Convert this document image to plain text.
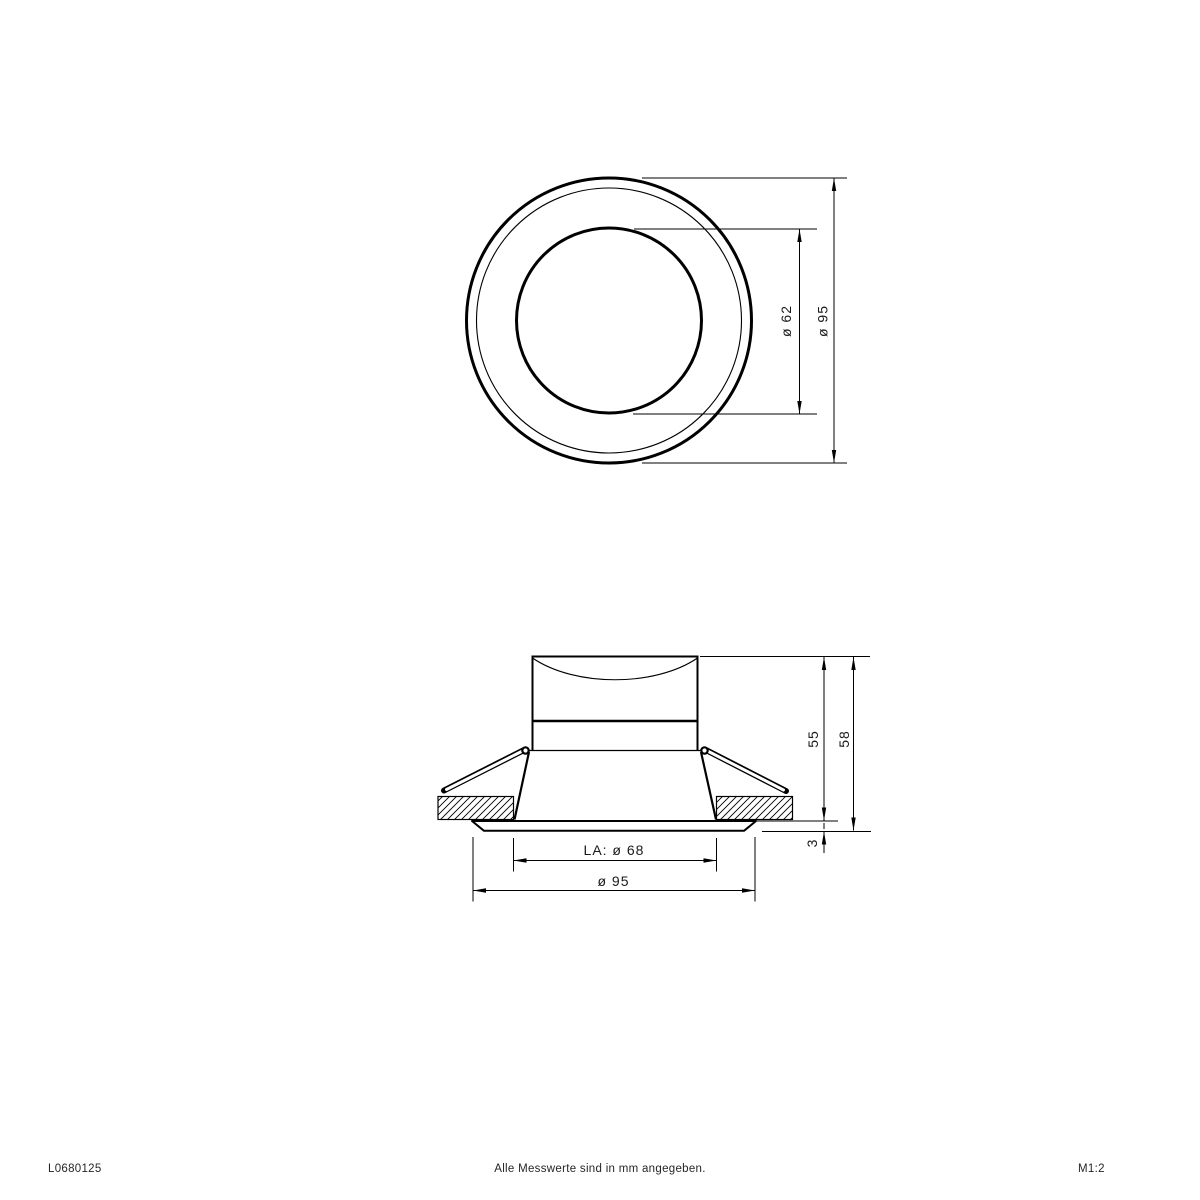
ø 62 ø 95
55 58
3
LA: ø 68
ø 95
L0680125	Alle Messwerte sind in mm angegeben.	M1:2
